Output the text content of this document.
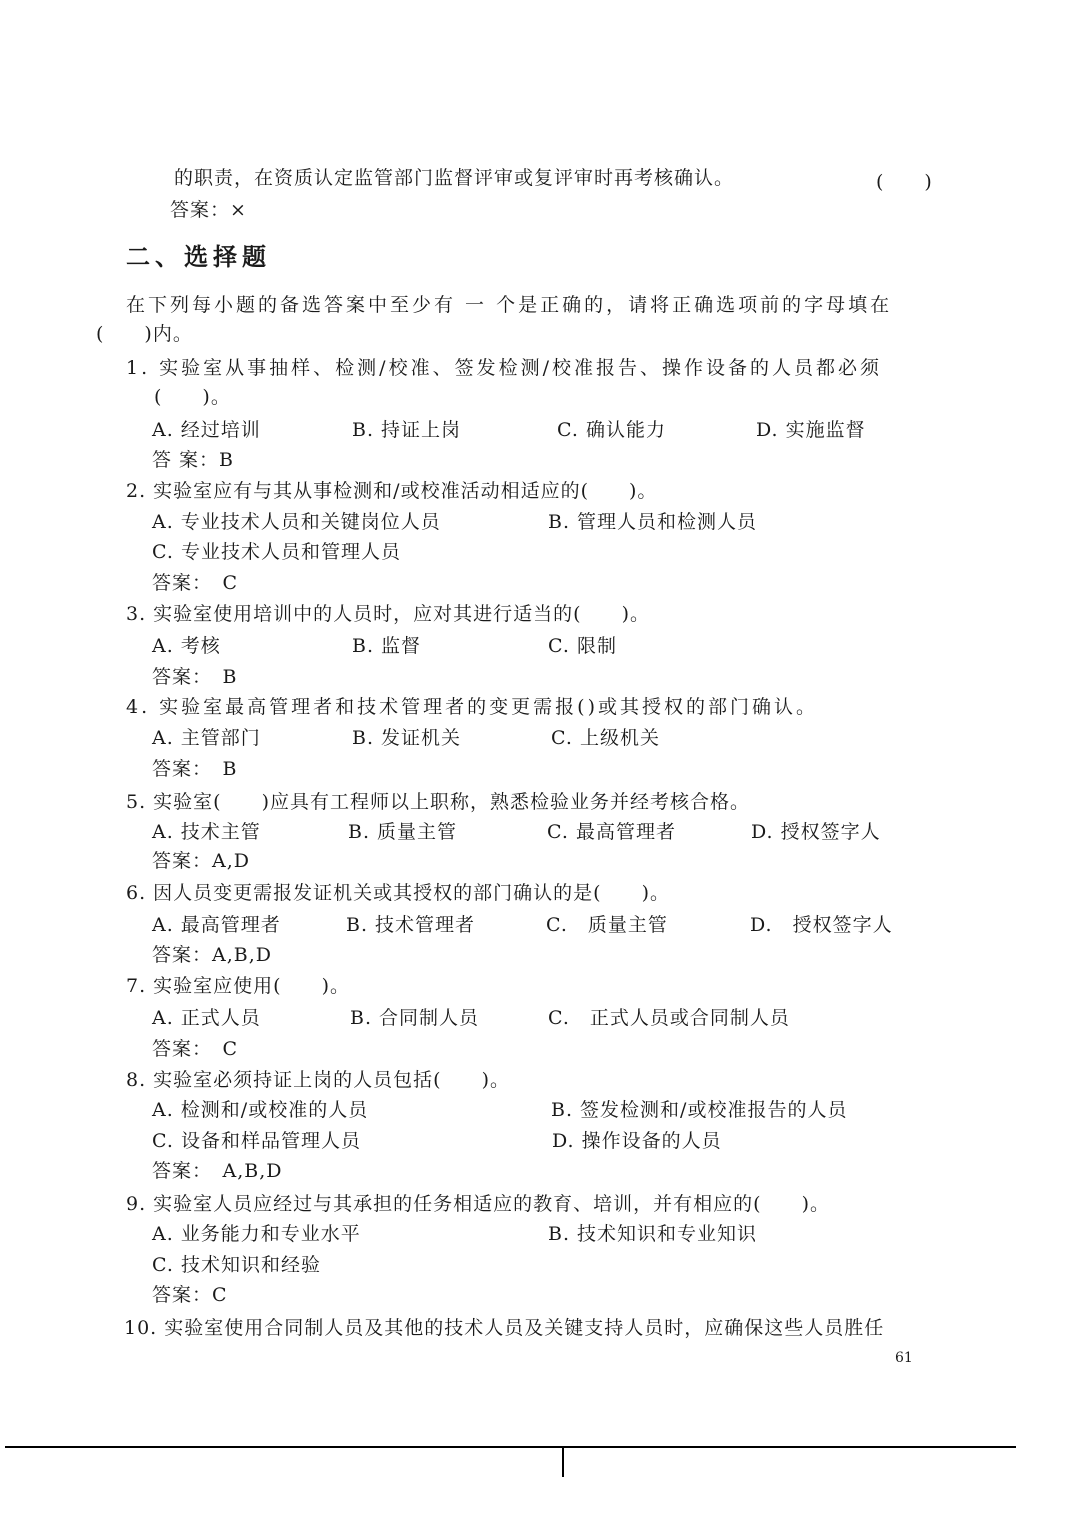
的职责，在资质认定监管部门监督评审或复评审时再考核确认。	(　　)
答案：×
二、选择题
在下列每小题的备选答案中至少有 一 个是正确的，请将正确选项前的字母填在
(　　)内。
1. 实验室从事抽样、检测/校准、签发检测/校准报告、操作设备的人员都必须
(　　)。
A. 经过培训	B. 持证上岗	C. 确认能力	D. 实施监督
答 案：B
2. 实验室应有与其从事检测和/或校准活动相适应的(　　)。
A. 专业技术人员和关键岗位人员	B. 管理人员和检测人员
C. 专业技术人员和管理人员
答案：　C
3. 实验室使用培训中的人员时，应对其进行适当的(　　)。
A. 考核	B. 监督	C. 限制
答案：　B
4. 实验室最高管理者和技术管理者的变更需报()或其授权的部门确认。
A. 主管部门	B. 发证机关	C. 上级机关
答案：　B
5. 实验室(　　)应具有工程师以上职称，熟悉检验业务并经考核合格。
A. 技术主管	B. 质量主管	C. 最高管理者	D. 授权签字人
答案：A,D
6. 因人员变更需报发证机关或其授权的部门确认的是(　　)。
A. 最高管理者	B. 技术管理者	C.　质量主管	D.　授权签字人
答案：A,B,D
7. 实验室应使用(　　)。
A. 正式人员	B. 合同制人员	C.　正式人员或合同制人员
答案：　C
8. 实验室必须持证上岗的人员包括(　　)。
A. 检测和/或校准的人员	B. 签发检测和/或校准报告的人员
C. 设备和样品管理人员	D. 操作设备的人员
答案：　A,B,D
9. 实验室人员应经过与其承担的任务相适应的教育、培训，并有相应的(　　)。
A. 业务能力和专业水平	B. 技术知识和专业知识
C. 技术知识和经验
答案：C
10. 实验室使用合同制人员及其他的技术人员及关键支持人员时，应确保这些人员胜任
61
